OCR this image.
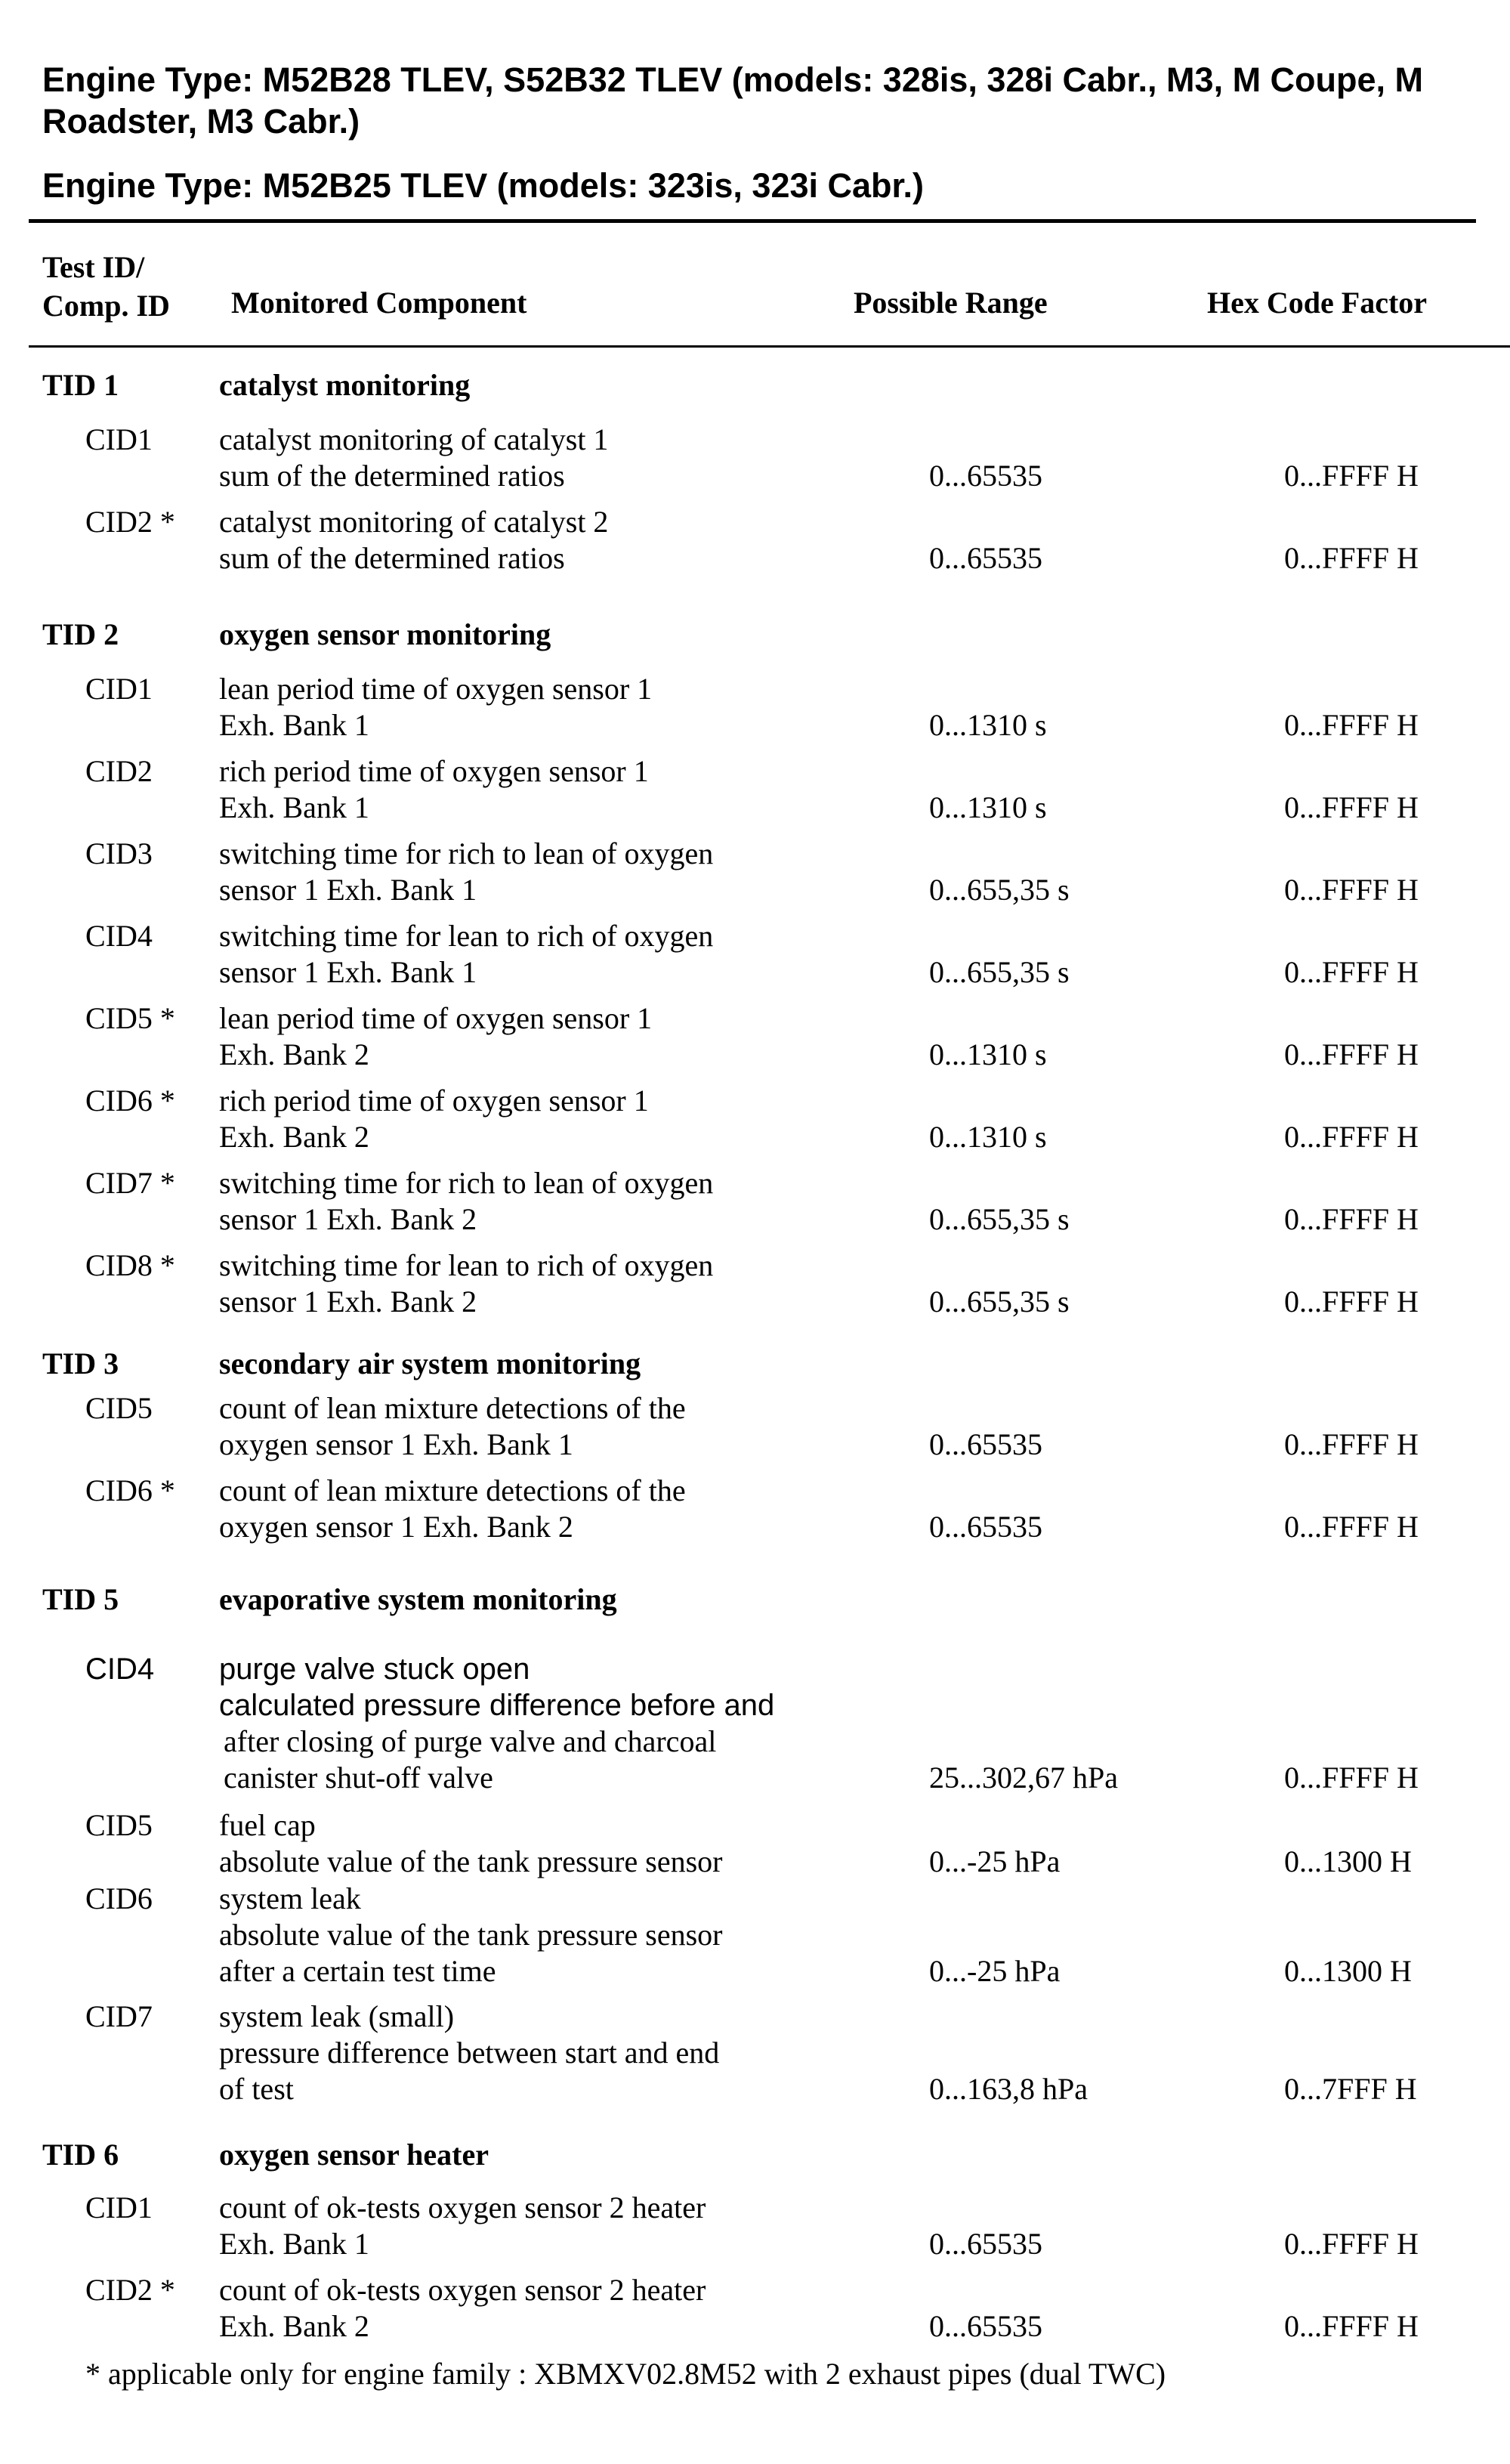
Engine Type: M52B28 TLEV, S52B32 TLEV (models: 328is, 328i Cabr., M3, M Coupe, M Roadster, M3 Cabr.)
Engine Type: M52B25 TLEV (models: 323is, 323i Cabr.)
Test ID/
Comp. ID Monitored Component	Possible Range	Hex Code Factor
TID 1	catalyst monitoring
CID1 catalyst monitoring of catalyst 1
sum of the determined ratios	0...65535	0...FFFF H
CID2 * catalyst monitoring of catalyst 2
sum of the determined ratios	0...65535	0...FFFF H
TID 2	oxygen sensor monitoring
CID1 lean period time of oxygen sensor 1
Exh. Bank 1	0...1310 s	0...FFFF H
CID2 rich period time of oxygen sensor 1
Exh. Bank 1	0...1310 s	0...FFFF H
CID3 switching time for rich to lean of oxygen
sensor 1 Exh. Bank 1	0...655,35 s	0...FFFF H
CID4 switching time for lean to rich of oxygen
sensor 1 Exh. Bank 1	0...655,35 s	0...FFFF H
CID5 * lean period time of oxygen sensor 1
Exh. Bank 2	0...1310 s	0...FFFF H
CID6 * rich period time of oxygen sensor 1
Exh. Bank 2	0...1310 s	0...FFFF H
CID7 * switching time for rich to lean of oxygen
sensor 1 Exh. Bank 2	0...655,35 s	0...FFFF H
CID8 * switching time for lean to rich of oxygen
sensor 1 Exh. Bank 2	0...655,35 s	0...FFFF H
TID 3	secondary air system monitoring
CID5 count of lean mixture detections of the
oxygen sensor 1 Exh. Bank 1	0...65535	0...FFFF H
CID6 * count of lean mixture detections of the
oxygen sensor 1 Exh. Bank 2	0...65535	0...FFFF H
TID 5	evaporative system monitoring
CID4 purge valve stuck open
calculated pressure difference before and
after closing of purge valve and charcoal
canister shut-off valve	25...302,67 hPa	0...FFFF H
CID5 fuel cap
absolute value of the tank pressure sensor	0...-25 hPa	0...1300 H
CID6 system leak
absolute value of the tank pressure sensor
after a certain test time	0...-25 hPa	0...1300 H
CID7 system leak (small)
pressure difference between start and end
of test	0...163,8 hPa	0...7FFF H
TID 6	oxygen sensor heater
CID1 count of ok-tests oxygen sensor 2 heater
Exh. Bank 1	0...65535	0...FFFF H
CID2 * count of ok-tests oxygen sensor 2 heater
Exh. Bank 2	0...65535	0...FFFF H
* applicable only for engine family : XBMXV02.8M52 with 2 exhaust pipes (dual TWC)
